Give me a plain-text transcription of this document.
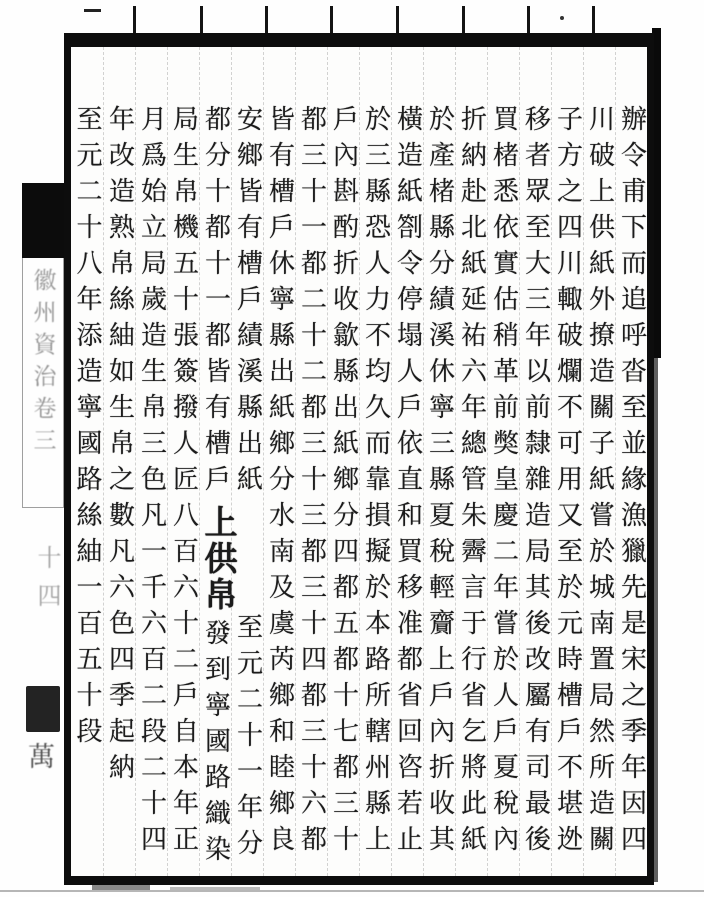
徽州資治卷三
十四
萬	辦令甫下而追呼沓至並緣漁獵先是宋之季年因四
川破上供紙外撩造關子紙嘗於城南置局然所造關
子方之四川輙破爛不可用又至於元時槽戶不堪迯
移者眾至大三年以前隸雜造局其後改屬有司最後
買楮悉依實估稍革前獘皇慶二年嘗於人戶夏稅內
折納赴北紙延祐六年總管朱霽言于行省乞將此紙
於產楮縣分績溪休寧三縣夏稅輕齎上戶內折收其
橫造紙劄令停塌人戶依直和買移准都省回咨若止
於三縣恐人力不均久而靠損擬於本路所轄州縣上
戶內斟酌折收歙縣出紙鄉分四都五都十七都三十
都三十一都二十二都三十三都三十四都三十六都
皆有槽戶休寧縣出紙鄉分水南及虞芮鄉和睦鄉良
安鄉皆有槽戶績溪縣出紙
至元二十一年分
都分十都十一都皆有槽戶
上供帛
發到寧國路織染
局生帛機五十張簽撥人匠八百六十二戶自本年正
月爲始立局歲造生帛三色凡一千六百二段二十四
年改造熟帛絲紬如生帛之數凡六色四季起納
至元二十八年添造寧國路絲紬一百五十段
